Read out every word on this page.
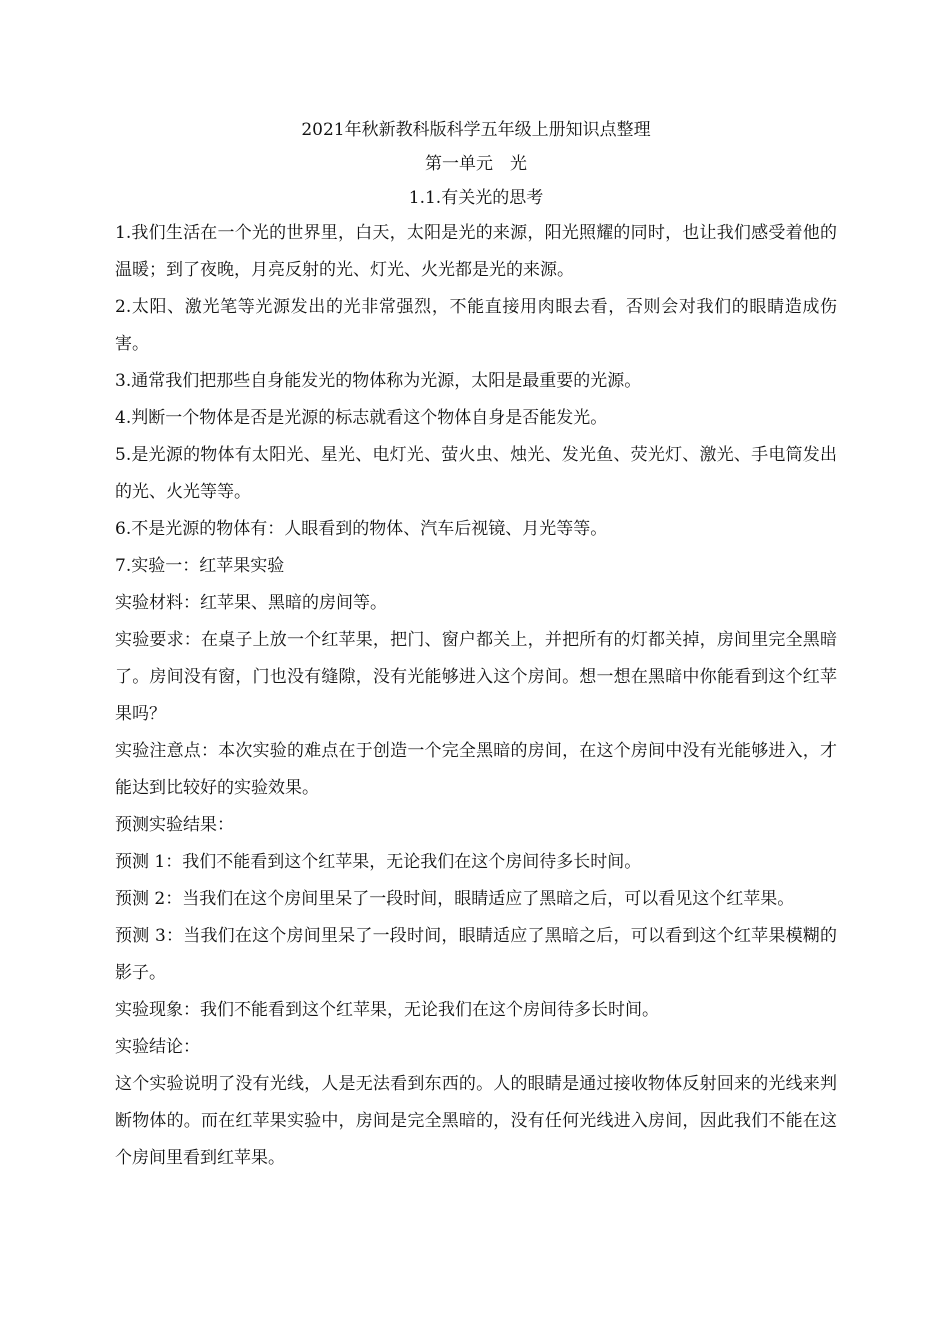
2021年秋新教科版科学五年级上册知识点整理
第一单元　光
1.1.有关光的思考
1.我们生活在一个光的世界里，白天，太阳是光的来源，阳光照耀的同时，也让我们感受着他的温暖；到了夜晚，月亮反射的光、灯光、火光都是光的来源。
2.太阳、激光笔等光源发出的光非常强烈，不能直接用肉眼去看，否则会对我们的眼睛造成伤害。
3.通常我们把那些自身能发光的物体称为光源，太阳是最重要的光源。
4.判断一个物体是否是光源的标志就看这个物体自身是否能发光。
5.是光源的物体有太阳光、星光、电灯光、萤火虫、烛光、发光鱼、荧光灯、激光、手电筒发出的光、火光等等。
6.不是光源的物体有：人眼看到的物体、汽车后视镜、月光等等。
7.实验一：红苹果实验
实验材料：红苹果、黑暗的房间等。
实验要求：在桌子上放一个红苹果，把门、窗户都关上，并把所有的灯都关掉，房间里完全黑暗了。房间没有窗，门也没有缝隙，没有光能够进入这个房间。想一想在黑暗中你能看到这个红苹果吗？
实验注意点：本次实验的难点在于创造一个完全黑暗的房间，在这个房间中没有光能够进入，才能达到比较好的实验效果。
预测实验结果：
预测 1：我们不能看到这个红苹果，无论我们在这个房间待多长时间。
预测 2：当我们在这个房间里呆了一段时间，眼睛适应了黑暗之后，可以看见这个红苹果。
预测 3：当我们在这个房间里呆了一段时间，眼睛适应了黑暗之后，可以看到这个红苹果模糊的影子。
实验现象：我们不能看到这个红苹果，无论我们在这个房间待多长时间。
实验结论：
这个实验说明了没有光线，人是无法看到东西的。人的眼睛是通过接收物体反射回来的光线来判断物体的。而在红苹果实验中，房间是完全黑暗的，没有任何光线进入房间，因此我们不能在这个房间里看到红苹果。
